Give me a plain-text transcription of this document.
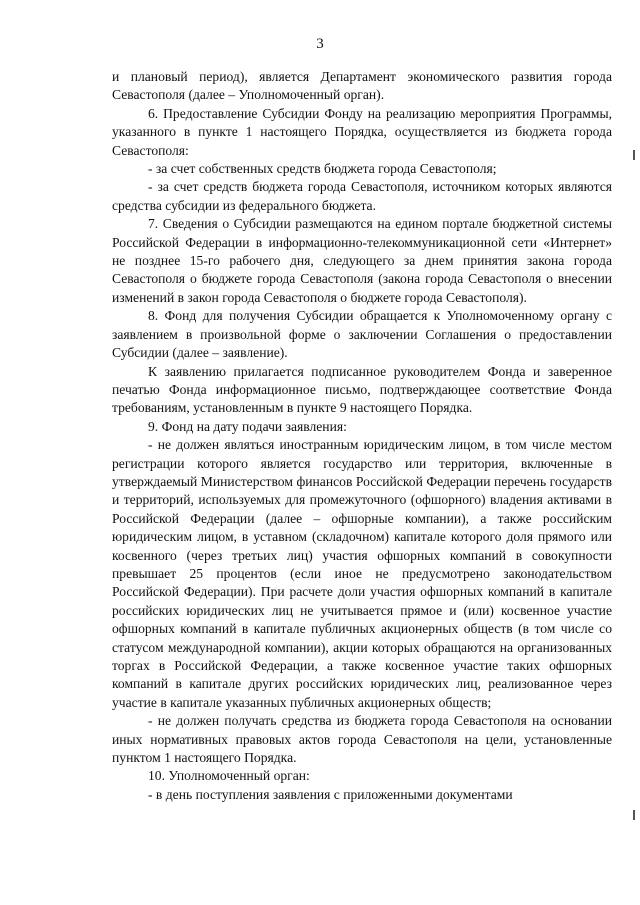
3

и плановый период), является Департамент экономического развития города Севастополя (далее – Уполномоченный орган).

6. Предоставление Субсидии Фонду на реализацию мероприятия Программы, указанного в пункте 1 настоящего Порядка, осуществляется из бюджета города Севастополя:

- за счет собственных средств бюджета города Севастополя;

- за счет средств бюджета города Севастополя, источником которых являются средства субсидии из федерального бюджета.

7. Сведения о Субсидии размещаются на едином портале бюджетной системы Российской Федерации в информационно-телекоммуникационной сети «Интернет» не позднее 15-го рабочего дня, следующего за днем принятия закона города Севастополя о бюджете города Севастополя (закона города Севастополя о внесении изменений в закон города Севастополя о бюджете города Севастополя).

8. Фонд для получения Субсидии обращается к Уполномоченному органу с заявлением в произвольной форме о заключении Соглашения о предоставлении Субсидии (далее – заявление).

К заявлению прилагается подписанное руководителем Фонда и заверенное печатью Фонда информационное письмо, подтверждающее соответствие Фонда требованиям, установленным в пункте 9 настоящего Порядка.

9. Фонд на дату подачи заявления:

- не должен являться иностранным юридическим лицом, в том числе местом регистрации которого является государство или территория, включенные в утверждаемый Министерством финансов Российской Федерации перечень государств и территорий, используемых для промежуточного (офшорного) владения активами в Российской Федерации (далее – офшорные компании), а также российским юридическим лицом, в уставном (складочном) капитале которого доля прямого или косвенного (через третьих лиц) участия офшорных компаний в совокупности превышает 25 процентов (если иное не предусмотрено законодательством Российской Федерации). При расчете доли участия офшорных компаний в капитале российских юридических лиц не учитывается прямое и (или) косвенное участие офшорных компаний в капитале публичных акционерных обществ (в том числе со статусом международной компании), акции которых обращаются на организованных торгах в Российской Федерации, а также косвенное участие таких офшорных компаний в капитале других российских юридических лиц, реализованное через участие в капитале указанных публичных акционерных обществ;

- не должен получать средства из бюджета города Севастополя на основании иных нормативных правовых актов города Севастополя на цели, установленные пунктом 1 настоящего Порядка.

10. Уполномоченный орган:

- в день поступления заявления с приложенными документами
